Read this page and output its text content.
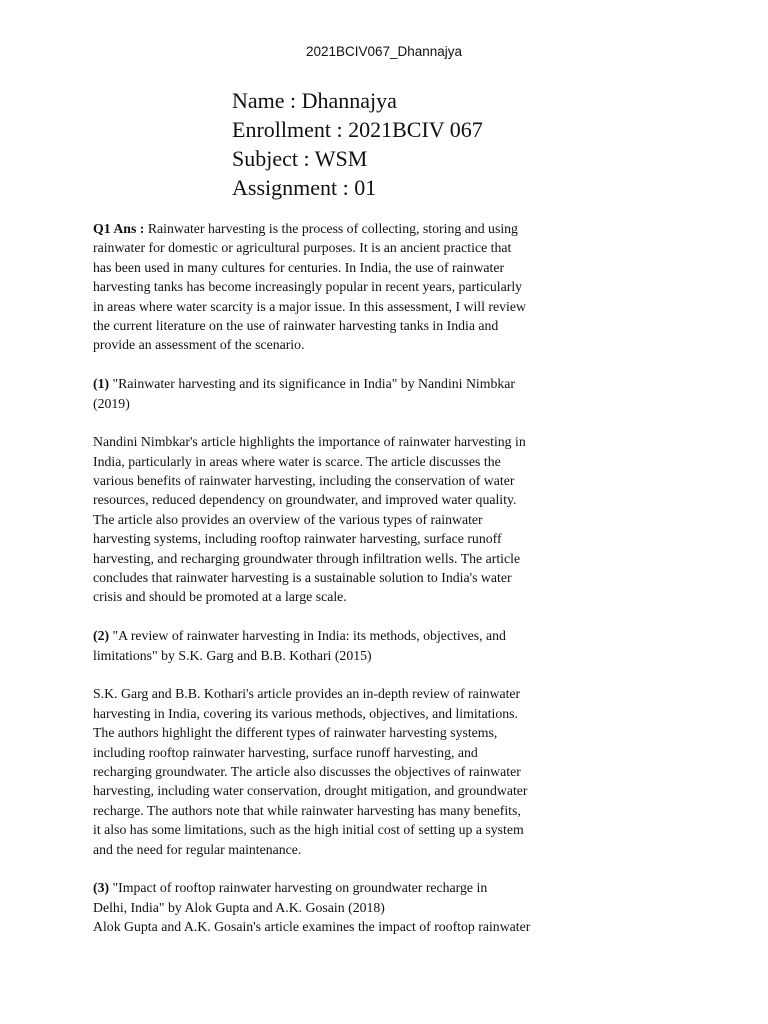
2021BCIV067_Dhannajya
Name : Dhannajya
Enrollment : 2021BCIV 067
Subject : WSM
Assignment : 01
Q1 Ans : Rainwater harvesting is the process of collecting, storing and using
rainwater for domestic or agricultural purposes. It is an ancient practice that
has been used in many cultures for centuries. In India, the use of rainwater
harvesting tanks has become increasingly popular in recent years, particularly
in areas where water scarcity is a major issue. In this assessment, I will review
the current literature on the use of rainwater harvesting tanks in India and
provide an assessment of the scenario.
(1) "Rainwater harvesting and its significance in India" by Nandini Nimbkar
(2019)
Nandini Nimbkar's article highlights the importance of rainwater harvesting in
India, particularly in areas where water is scarce. The article discusses the
various benefits of rainwater harvesting, including the conservation of water
resources, reduced dependency on groundwater, and improved water quality.
The article also provides an overview of the various types of rainwater
harvesting systems, including rooftop rainwater harvesting, surface runoff
harvesting, and recharging groundwater through infiltration wells. The article
concludes that rainwater harvesting is a sustainable solution to India's water
crisis and should be promoted at a large scale.
(2) "A review of rainwater harvesting in India: its methods, objectives, and
limitations" by S.K. Garg and B.B. Kothari (2015)
S.K. Garg and B.B. Kothari's article provides an in-depth review of rainwater
harvesting in India, covering its various methods, objectives, and limitations.
The authors highlight the different types of rainwater harvesting systems,
including rooftop rainwater harvesting, surface runoff harvesting, and
recharging groundwater. The article also discusses the objectives of rainwater
harvesting, including water conservation, drought mitigation, and groundwater
recharge. The authors note that while rainwater harvesting has many benefits,
it also has some limitations, such as the high initial cost of setting up a system
and the need for regular maintenance.
(3) "Impact of rooftop rainwater harvesting on groundwater recharge in
Delhi, India" by Alok Gupta and A.K. Gosain (2018)
Alok Gupta and A.K. Gosain's article examines the impact of rooftop rainwater
